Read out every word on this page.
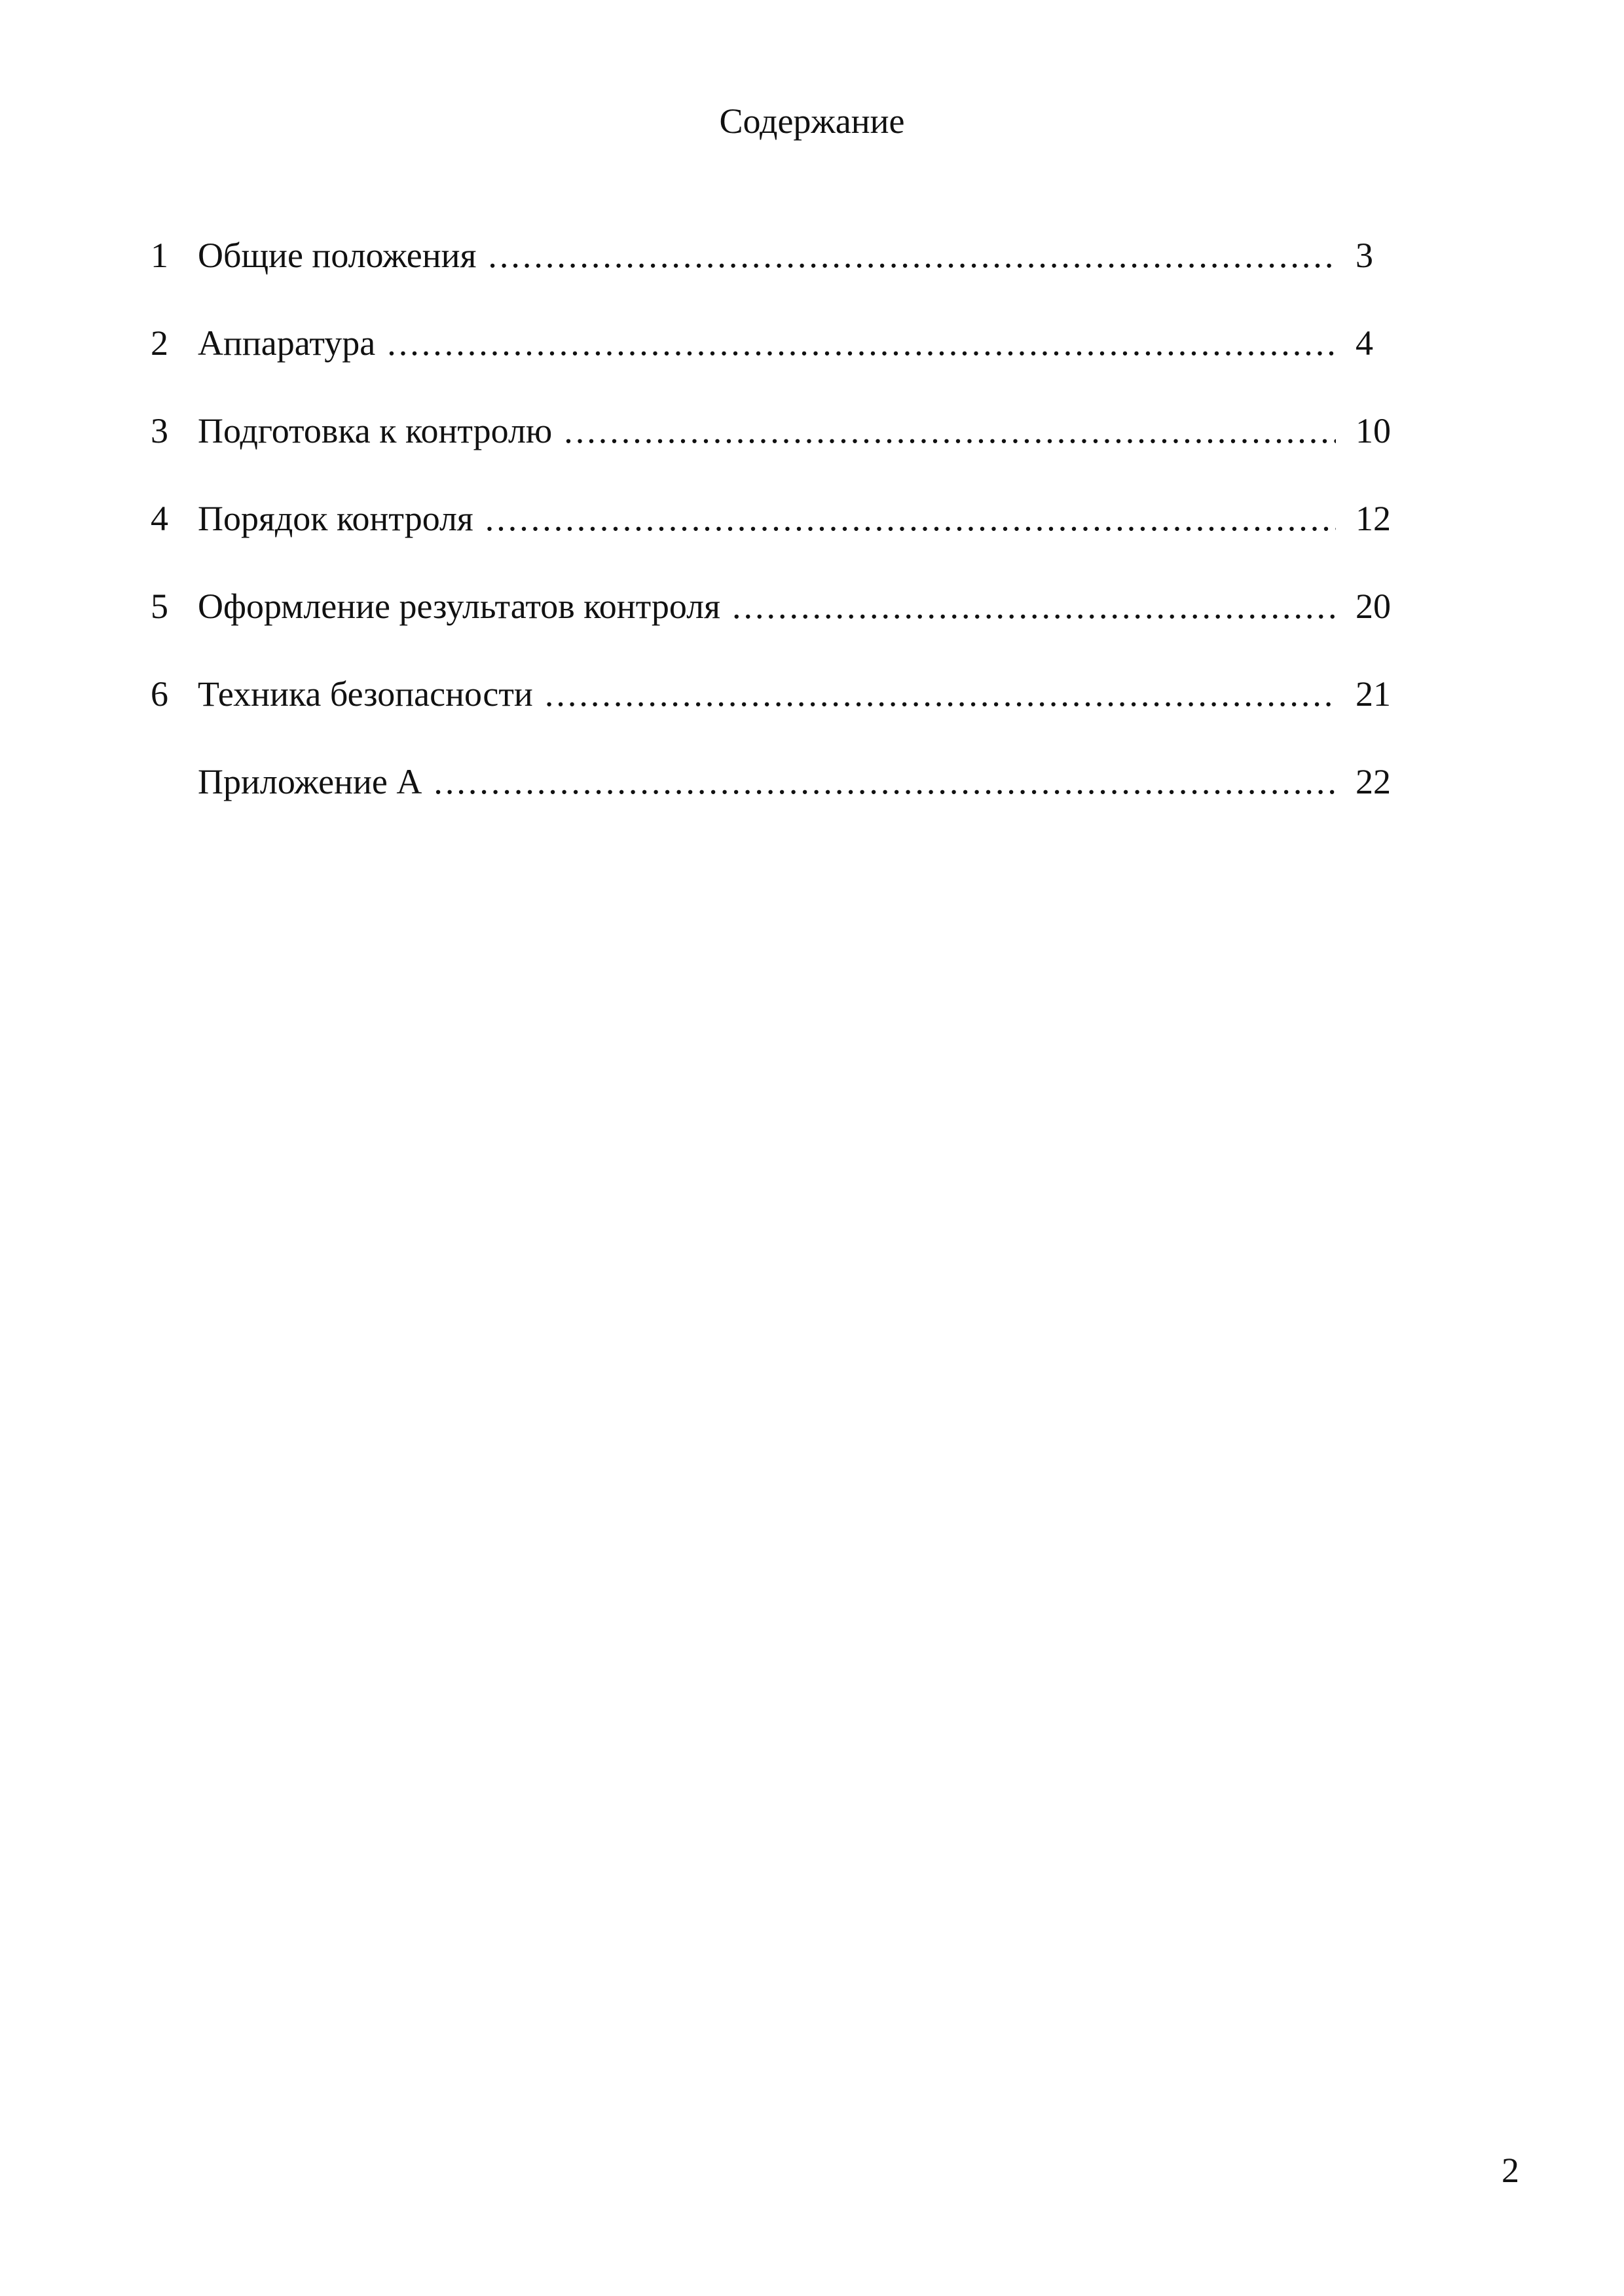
Содержание
1 Общие положения .....	3
2 Аппаратура .....	4
3 Подготовка к контролю .....	10
4 Порядок контроля .....	12
5 Оформление результатов контроля .....	20
6 Техника безопасности .....	21
Приложение А .....	22
2
